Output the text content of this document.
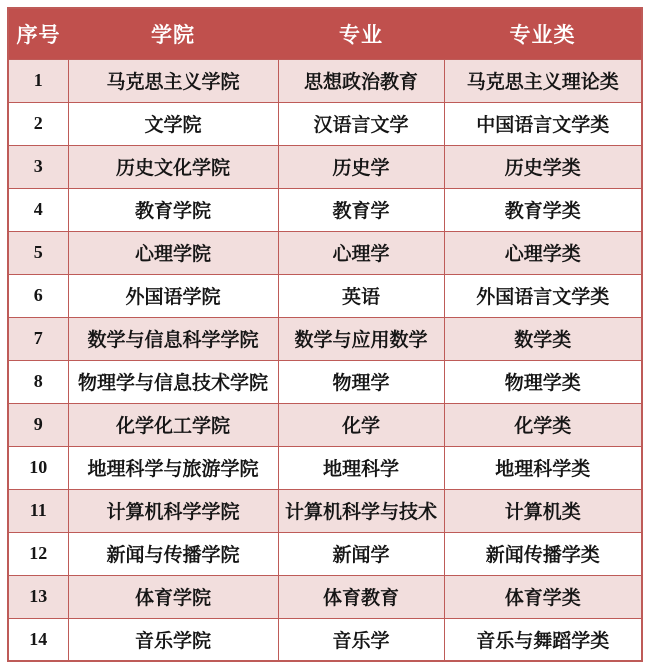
序号	学院	专业	专业类
1	马克思主义学院	思想政治教育	马克思主义理论类
2	文学院	汉语言文学	中国语言文学类
3	历史文化学院	历史学	历史学类
4	教育学院	教育学	教育学类
5	心理学院	心理学	心理学类
6	外国语学院	英语	外国语言文学类
7	数学与信息科学学院	数学与应用数学	数学类
8	物理学与信息技术学院	物理学	物理学类
9	化学化工学院	化学	化学类
10	地理科学与旅游学院	地理科学	地理科学类
11	计算机科学学院	计算机科学与技术	计算机类
12	新闻与传播学院	新闻学	新闻传播学类
13	体育学院	体育教育	体育学类
14	音乐学院	音乐学	音乐与舞蹈学类
